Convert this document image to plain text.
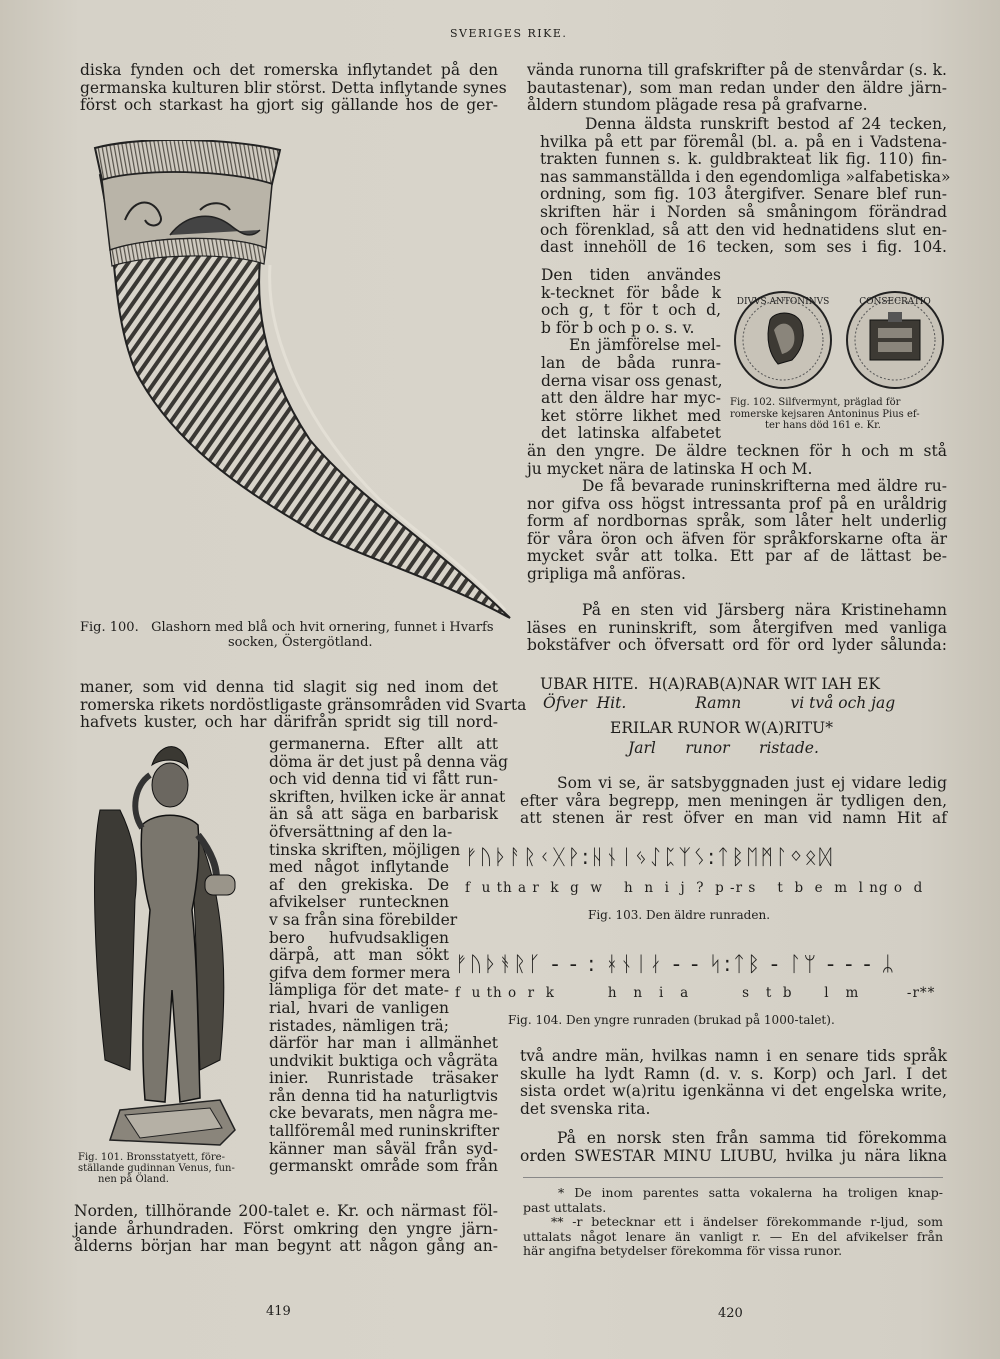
SVERIGES RIKE.
diska fynden och det romerska inflytandet på den
germanska kulturen blir störst. Detta inflytande synes
först och starkast ha gjort sig gällande hos de ger-
Fig. 100. Glashorn med blå och hvit ornering, funnet i Hvarfs
socken, Östergötland.
maner, som vid denna tid slagit sig ned inom det
romerska rikets nordöstligaste gränsområden vid Svarta
hafvets kuster, och har därifrån spridt sig till nord-
germanerna. Efter allt att
döma är det just på denna väg
och vid denna tid vi fått run-
skriften, hvilken icke är annat
än så att säga en barbarisk
öfversättning af den la-
tinska skriften, möjligen
med något inflytande
af den grekiska. De
afvikelser runtecknen
v sa från sina förebilder
bero hufvudsakligen
därpå, att man sökt
gifva dem former mera
lämpliga för det mate-
rial, hvari de vanligen
ristades, nämligen trä;
därför har man i allmänhet
undvikit buktiga och vågräta
inier. Runristade träsaker
rån denna tid ha naturligtvis
cke bevarats, men några me-
tallföremål med runinskrifter
känner man såväl från syd-
germanskt område som från
Fig. 101. Bronsstatyett, före-
ställande gudinnan Venus, fun-
nen på Öland.
Norden, tillhörande 200-talet e. Kr. och närmast föl-
jande århundraden. Först omkring den yngre järn-
ålderns början har man begynt att någon gång an-
419
vända runorna till grafskrifter på de stenvårdar (s. k.
bautastenar), som man redan under den äldre järn-
åldern stundom plägade resa på grafvarne.
Denna äldsta runskrift bestod af 24 tecken,
hvilka på ett par föremål (bl. a. på en i Vadstena-
trakten funnen s. k. guldbrakteat lik fig. 110) fin-
nas sammanställda i den egendomliga »alfabetiska»
ordning, som fig. 103 återgifver. Senare blef run-
skriften här i Norden så småningom förändrad
och förenklad, så att den vid hednatidens slut en-
dast innehöll de 16 tecken, som ses i fig. 104.
Den tiden användes
k-tecknet för både k
och g, t för t och d,
b för b och p o. s. v.
En jämförelse mel-
lan de båda runra-
derna visar oss genast,
att den äldre har myc-
ket större likhet med
det latinska alfabetet
DIVVS ANTONINVS	CONSECRATIO
Fig. 102. Silfvermynt, präglad för
romerske kejsaren Antoninus Pius ef-
ter hans död 161 e. Kr.
än den yngre. De äldre tecknen för h och m stå
ju mycket nära de latinska H och M.
De få bevarade runinskrifterna med äldre ru-
nor gifva oss högst intressanta prof på en uråldrig
form af nordbornas språk, som låter helt underlig
för våra öron och äfven för språkforskarne ofta är
mycket svår att tolka. Ett par af de lättast be-
gripliga må anföras.
På en sten vid Järsberg nära Kristinehamn
läses en runinskrift, som återgifven med vanliga
bokstäfver och öfversatt ord för ord lyder sålunda:
UBAR HITE.  H(A)RAB(A)NAR WIT IAH EK
Öfver  Hit.              Ramn          vi två och jag
ERILAR RUNOR W(A)RITU*
Jarl      runor      ristade.
Som vi se, är satsbyggnaden just ej vidare ledig
efter våra begrepp, men meningen är tydligen den,
att stenen är rest öfver en man vid namn Hit af
ᚠᚢᚦᚨᚱᚲᚷᚹ:ᚺᚾᛁᛃᛇᛈᛉᛊ:ᛏᛒᛖᛗᛚᛜᛟᛞ
f  u th a r  k  g  w    h  n  i  j  ?  p -r s    t  b  e  m  l ng o  d
Fig. 103. Den äldre runraden.
ᚠᚢᚦᚬᚱᚴ - - : ᚼᚾᛁᛅ - - ᛋ:ᛏᛒ - ᛚᛘ - - - ᛦ
f  u th o  r  k          h   n   i   a          s   t  b      l   m         -r**
Fig. 104. Den yngre runraden (brukad på 1000-talet).
två andre män, hvilkas namn i en senare tids språk
skulle ha lydt Ramn (d. v. s. Korp) och Jarl. I det
sista ordet w(a)ritu igenkänna vi det engelska write,
det svenska rita.
På en norsk sten från samma tid förekomma
orden SWESTAR MINU LIUBU, hvilka ju nära likna
* De inom parentes satta vokalerna ha troligen knap-
past uttalats.
** -r betecknar ett i ändelser förekommande r-ljud, som
uttalats något lenare än vanligt r. — En del afvikelser från
här angifna betydelser förekomma för vissa runor.
420
